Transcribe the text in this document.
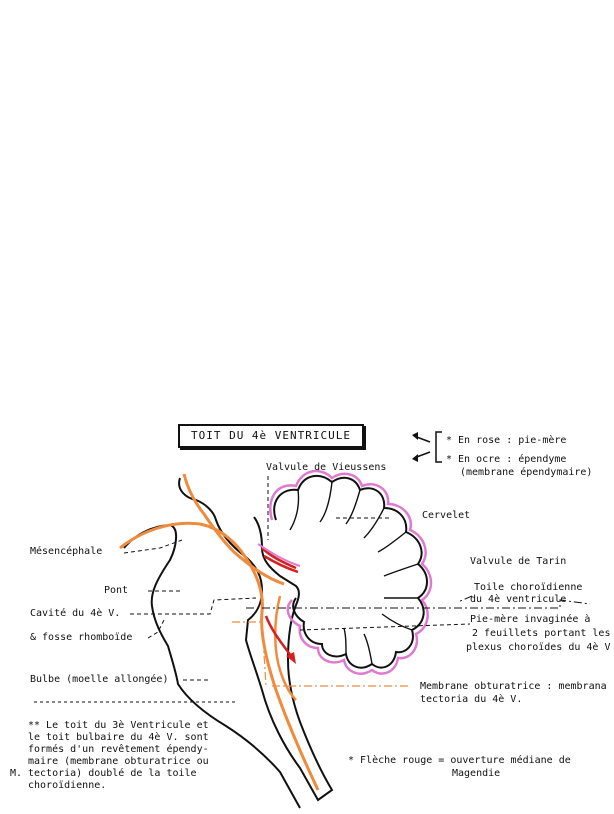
TOIT DU 4è VENTRICULE	* En rose : pie-mère
* En ocre : épendyme
(membrane épendymaire)
Valvule de Vieussens
Cervelet
Mésencéphale
Valvule de Tarin
Pont	Toile choroïdienne
du 4è ventricule
Cavité du 4è V.
& fosse rhomboïde
Pie-mère invaginée à
2 feuillets portant les
plexus choroïdes du 4è V
Bulbe (moelle allongée)
Membrane obturatrice : membrana
tectoria du 4è V.
** Le toit du 3è Ventricule et
le toit bulbaire du 4è V. sont
formés d'un revêtement épendy-
maire (membrane obturatrice ou
tectoria) doublé de la toile
choroïdienne.
M.
* Flèche rouge = ouverture médiane de
Magendie
